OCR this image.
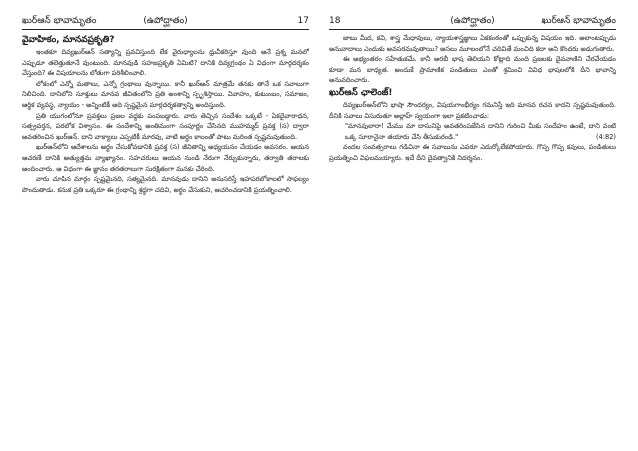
ఖుర్‌ఆన్ భావామృతం	(ఉపోద్ఘాతం)	17
వైవాహికం, మానవప్రకృతి?

ఇంతకూ దివ్యఖుర్‌ఆన్ సత్యాన్ని ప్రవచిస్తుంది లేక వైరుధ్యాలను ధ్రువీకరిస్తూ వుంది అనే ప్రశ్న మనలో ఎప్పుడూ తలెత్తుతూనే వుంటుంది. మానవుడి సహజప్రకృతి ఏమిటి? దానికి దివ్యగ్రంథం ఏ విధంగా మార్గదర్శకం చేస్తుంది? ఈ విషయాలను లోతుగా పరిశీలించాలి.

లోకంలో ఎన్నో మతాలు, ఎన్నో గ్రంథాలు వున్నాయి. కానీ ఖుర్‌ఆన్ మాత్రమే తనకు తానే ఒక సవాలుగా నిలిచింది. దానిలోని సూక్తులు మానవ జీవితంలోని ప్రతి అంశాన్ని స్పృశిస్తాయి. వివాహం, కుటుంబం, సమాజం, ఆర్థిక వ్యవస్థ, న్యాయం - అన్నింటికీ అది స్పష్టమైన మార్గదర్శకత్వాన్ని అందిస్తుంది.

ప్రతి యుగంలోనూ ప్రవక్తలు ప్రజల వద్దకు పంపబడ్డారు. వారు తెచ్చిన సందేశం ఒక్కటే - ఏకదైవారాధన, సత్ప్రవర్తన, పరలోక విశ్వాసం. ఈ సందేశాన్ని అంతిమంగా సంపూర్ణం చేసినది ముహమ్మద్ ప్రవక్త (స) ద్వారా అవతరించిన ఖుర్‌ఆన్. దాని వాక్యాలు ఎప్పటికీ మారవు, వాటి అర్థం కాలంతో పాటు మరింత స్పష్టమవుతుంది.

ఖుర్‌ఆన్‌లోని ఆదేశాలను అర్థం చేసుకోవడానికి ప్రవక్త (స) జీవితాన్ని అధ్యయనం చేయడం అవసరం. ఆయన ఆచరణే దానికి అత్యుత్తమ వ్యాఖ్యానం. సహచరులు ఆయన నుండి నేరుగా నేర్చుకున్నారు, తర్వాతి తరాలకు అందించారు. ఆ విధంగా ఈ జ్ఞానం తరతరాలుగా సురక్షితంగా మనకు చేరింది.

వారు చూపిన మార్గం స్పష్టమైనది, సత్యమైనది. మానవుడు దానిని అనుసరిస్తే ఇహపరలోకాలలో సాఫల్యం పొందుతాడు. కనుక ప్రతి ఒక్కరూ ఈ గ్రంథాన్ని శ్రద్ధగా చదివి, అర్థం చేసుకుని, ఆచరించడానికి ప్రయత్నించాలి.

18	(ఉపోద్ఘాతం)	ఖుర్‌ఆన్ భావామృతం

జాబు మీద, కవి, శాస్త్ర మేధావులు, న్యాయశాస్త్రజ్ఞులు ఏకకంఠంతో ఒప్పుకున్న విషయం ఇది. అలాంటప్పుడు అనువాదాలు ఎందుకు అవసరమవుతాయి? అసలు మూలంలోనే చదివితే మంచిది కదా అని కొందరు అడుగుతారు.

ఈ అభ్యంతరం సహేతుకమే. కానీ అరబీ భాష తెలియని కోట్లాది మంది ప్రజలకు దైవవాణిని చేరవేయడం కూడా మన బాధ్యత. అందుకే ప్రామాణిక పండితులు ఎంతో శ్రమించి వివిధ భాషలలోకి దీని భావాన్ని అనువదించారు.

ఖుర్‌ఆన్ ఛాలెంజ్!

దివ్యఖుర్‌ఆన్‌లోని భాషా సౌందర్యం, విషయగాంభీర్యం గమనిస్తే ఇది మానవ రచన కాదని స్పష్టమవుతుంది. దీనికి సవాలు విసురుతూ అల్లాహ్ స్వయంగా ఇలా ప్రకటించాడు:

"మానవులారా! మేము మా దాసునిపై అవతరింపజేసిన దానిని గురించి మీకు సందేహం ఉంటే, దాని వంటి ఒక్క సూరానైనా తయారు చేసి తీసుకురండి."	(4:82)

వందల సంవత్సరాలు గడిచినా ఈ సవాలును ఎవరూ ఎదుర్కోలేకపోయారు. గొప్ప గొప్ప కవులు, పండితులు ప్రయత్నించి విఫలమయ్యారు. ఇదే దీని దైవత్వానికి నిదర్శనం.
